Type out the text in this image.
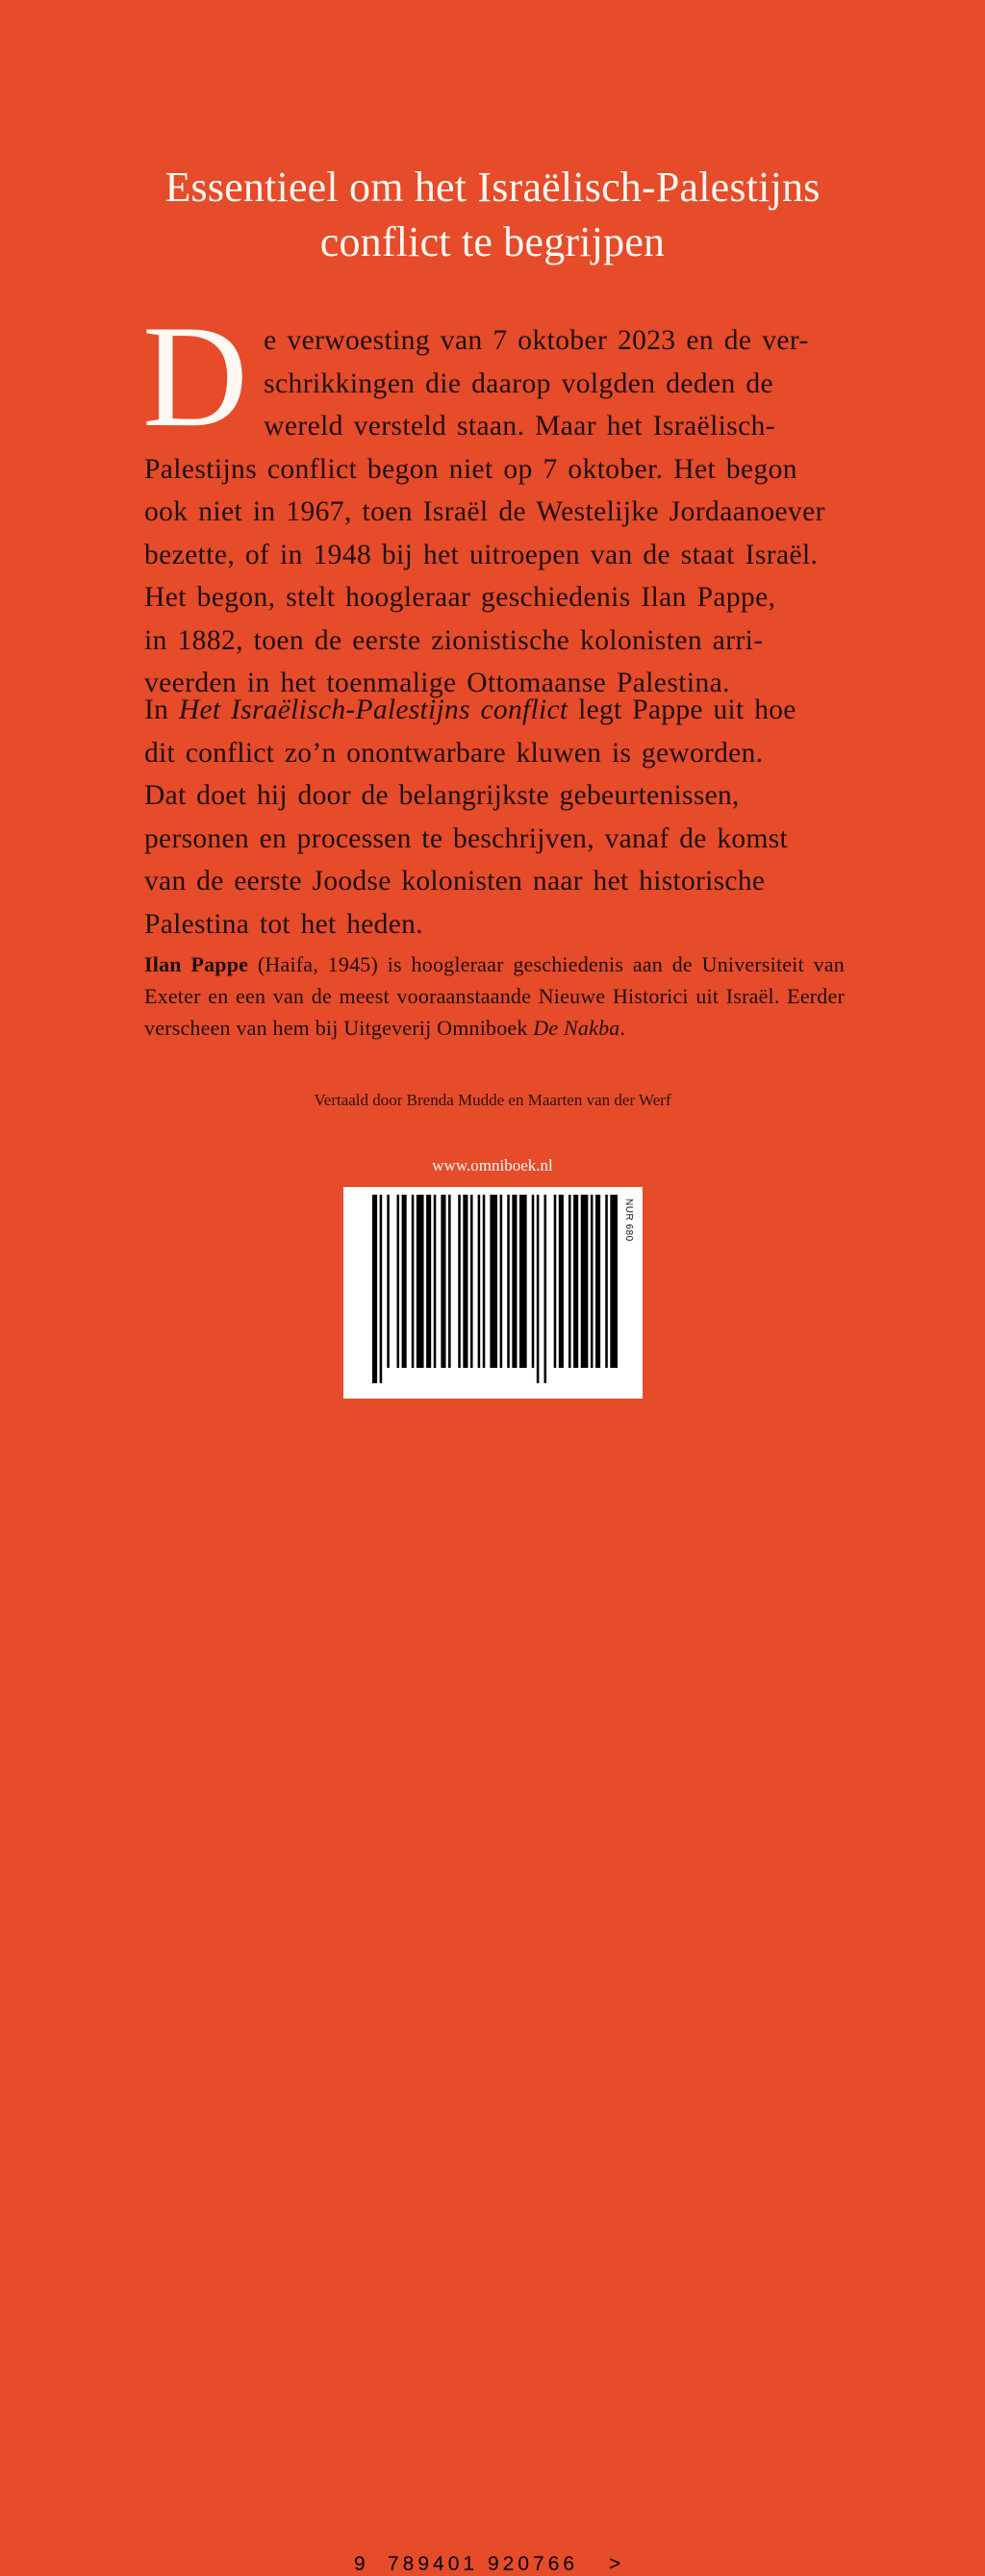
Essentieel om het Israëlisch-Palestijns
conflict te begrijpen

D e verwoesting van 7 oktober 2023 en de ver-
schrikkingen die daarop volgden deden de
wereld versteld staan. Maar het Israëlisch-
Palestijns conflict begon niet op 7 oktober. Het begon
ook niet in 1967, toen Israël de Westelijke Jordaanoever
bezette, of in 1948 bij het uitroepen van de staat Israël.
Het begon, stelt hoogleraar geschiedenis Ilan Pappe,
in 1882, toen de eerste zionistische kolonisten arri-
veerden in het toenmalige Ottomaanse Palestina.

In Het Israëlisch-Palestijns conflict legt Pappe uit hoe
dit conflict zo’n onontwarbare kluwen is geworden.
Dat doet hij door de belangrijkste gebeurtenissen,
personen en processen te beschrijven, vanaf de komst
van de eerste Joodse kolonisten naar het historische
Palestina tot het heden.

Ilan Pappe (Haifa, 1945) is hoogleraar geschiedenis aan de Universiteit van Exeter en een van de meest vooraanstaande Nieuwe Historici uit Israël. Eerder verscheen van hem bij Uitgeverij Omniboek De Nakba.

Vertaald door Brenda Mudde en Maarten van der Werf
www.omniboek.nl
9 789401 920766 >
NUR 680
